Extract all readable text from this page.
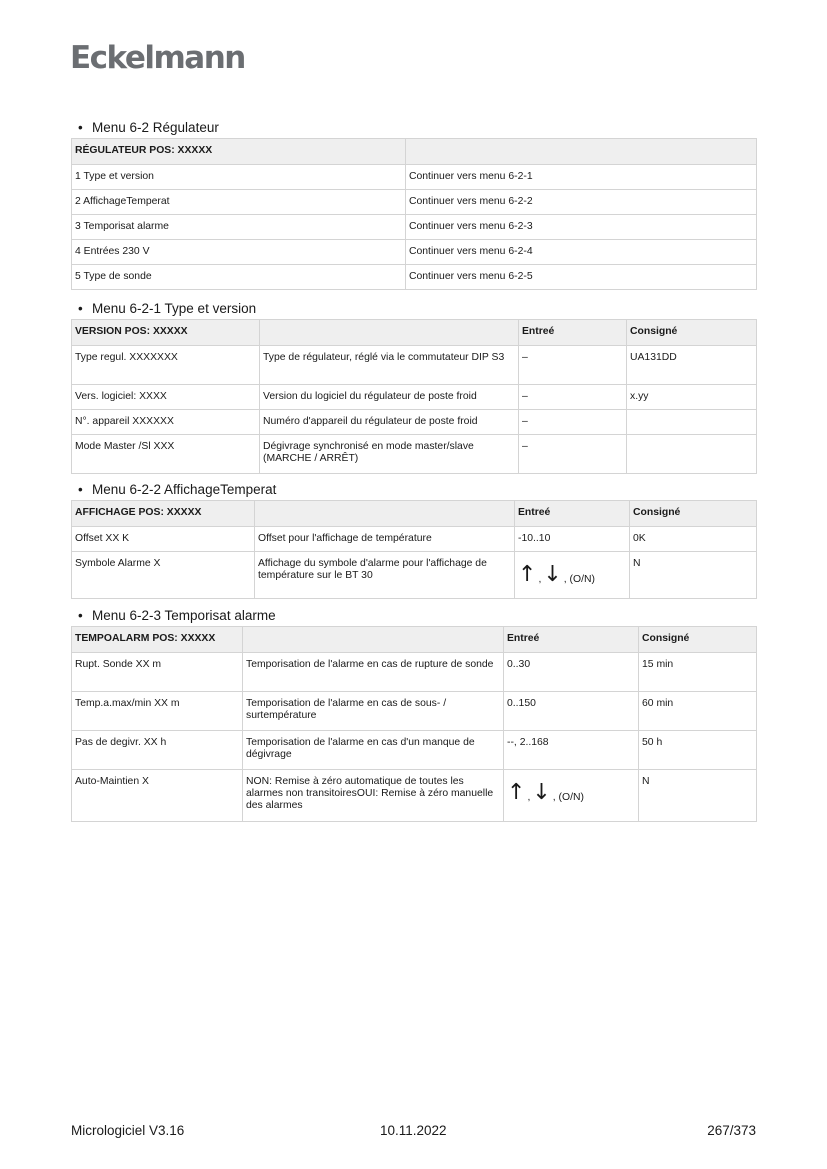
Eckelmann
• Menu 6-2 Régulateur
RÉGULATEUR POS: XXXXX	
1 Type et version	Continuer vers menu 6-2-1
2 AffichageTemperat	Continuer vers menu 6-2-2
3 Temporisat alarme	Continuer vers menu 6-2-3
4 Entrées 230 V	Continuer vers menu 6-2-4
5 Type de sonde	Continuer vers menu 6-2-5
• Menu 6-2-1 Type et version
VERSION POS: XXXXX		Entreé	Consigné
Type regul. XXXXXXX	Type de régulateur, réglé via le commutateur DIP S3	–	UA131DD
Vers. logiciel: XXXX	Version du logiciel du régulateur de poste froid	–	x.yy
N°. appareil XXXXXX	Numéro d'appareil du régulateur de poste froid	–	
Mode Master /Sl XXX	Dégivrage synchronisé en mode master/slave (MARCHE / ARRÊT)	–	
• Menu 6-2-2 AffichageTemperat
AFFICHAGE POS: XXXXX		Entreé	Consigné
Offset XX K	Offset pour l'affichage de température	-10..10	0K
Symbole Alarme X	Affichage du symbole d'alarme pour l'affichage de température sur le BT 30	↑ , ↓ , (O/N)	N
• Menu 6-2-3 Temporisat alarme
TEMPOALARM POS: XXXXX		Entreé	Consigné
Rupt. Sonde XX m	Temporisation de l'alarme en cas de rupture de sonde	0..30	15 min
Temp.a.max/min XX m	Temporisation de l'alarme en cas de sous- / surtempérature	0..150	60 min
Pas de degivr. XX h	Temporisation de l'alarme en cas d'un manque de dégivrage	--, 2..168	50 h
Auto-Maintien X	NON: Remise à zéro automatique de toutes les alarmes non transitoiresOUI: Remise à zéro manuelle des alarmes	↑ , ↓ , (O/N)	N
Micrologiciel V3.16	10.11.2022	267/373
